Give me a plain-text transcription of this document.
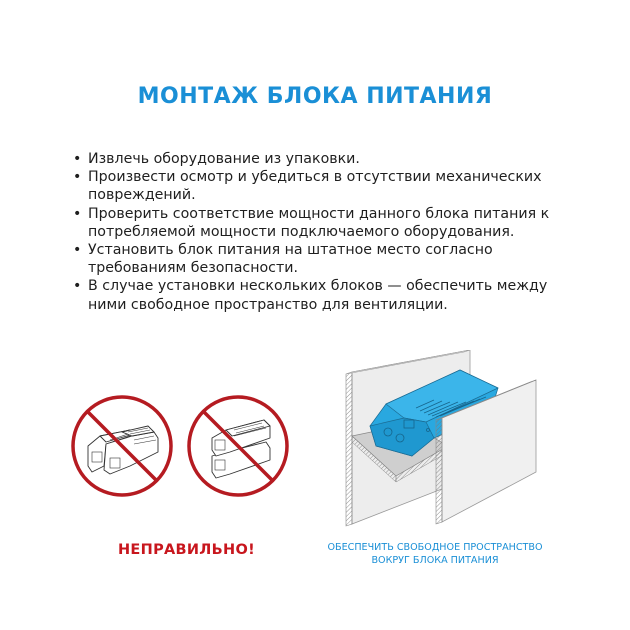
МОНТАЖ БЛОКА ПИТАНИЯ
• Извлечь оборудование из упаковки.
• Произвести осмотр и убедиться в отсутствии механических повреждений.
• Проверить соответствие мощности данного блока питания к потребляемой мощности подключаемого оборудования.
• Установить блок питания на штатное место согласно требованиям безопасности.
• В случае установки нескольких блоков — обеспечить между ними свободное пространство для вентиляции.
НЕПРАВИЛЬНО!	ОБЕСПЕЧИТЬ СВОБОДНОЕ ПРОСТРАНСТВО
ВОКРУГ БЛОКА ПИТАНИЯ
